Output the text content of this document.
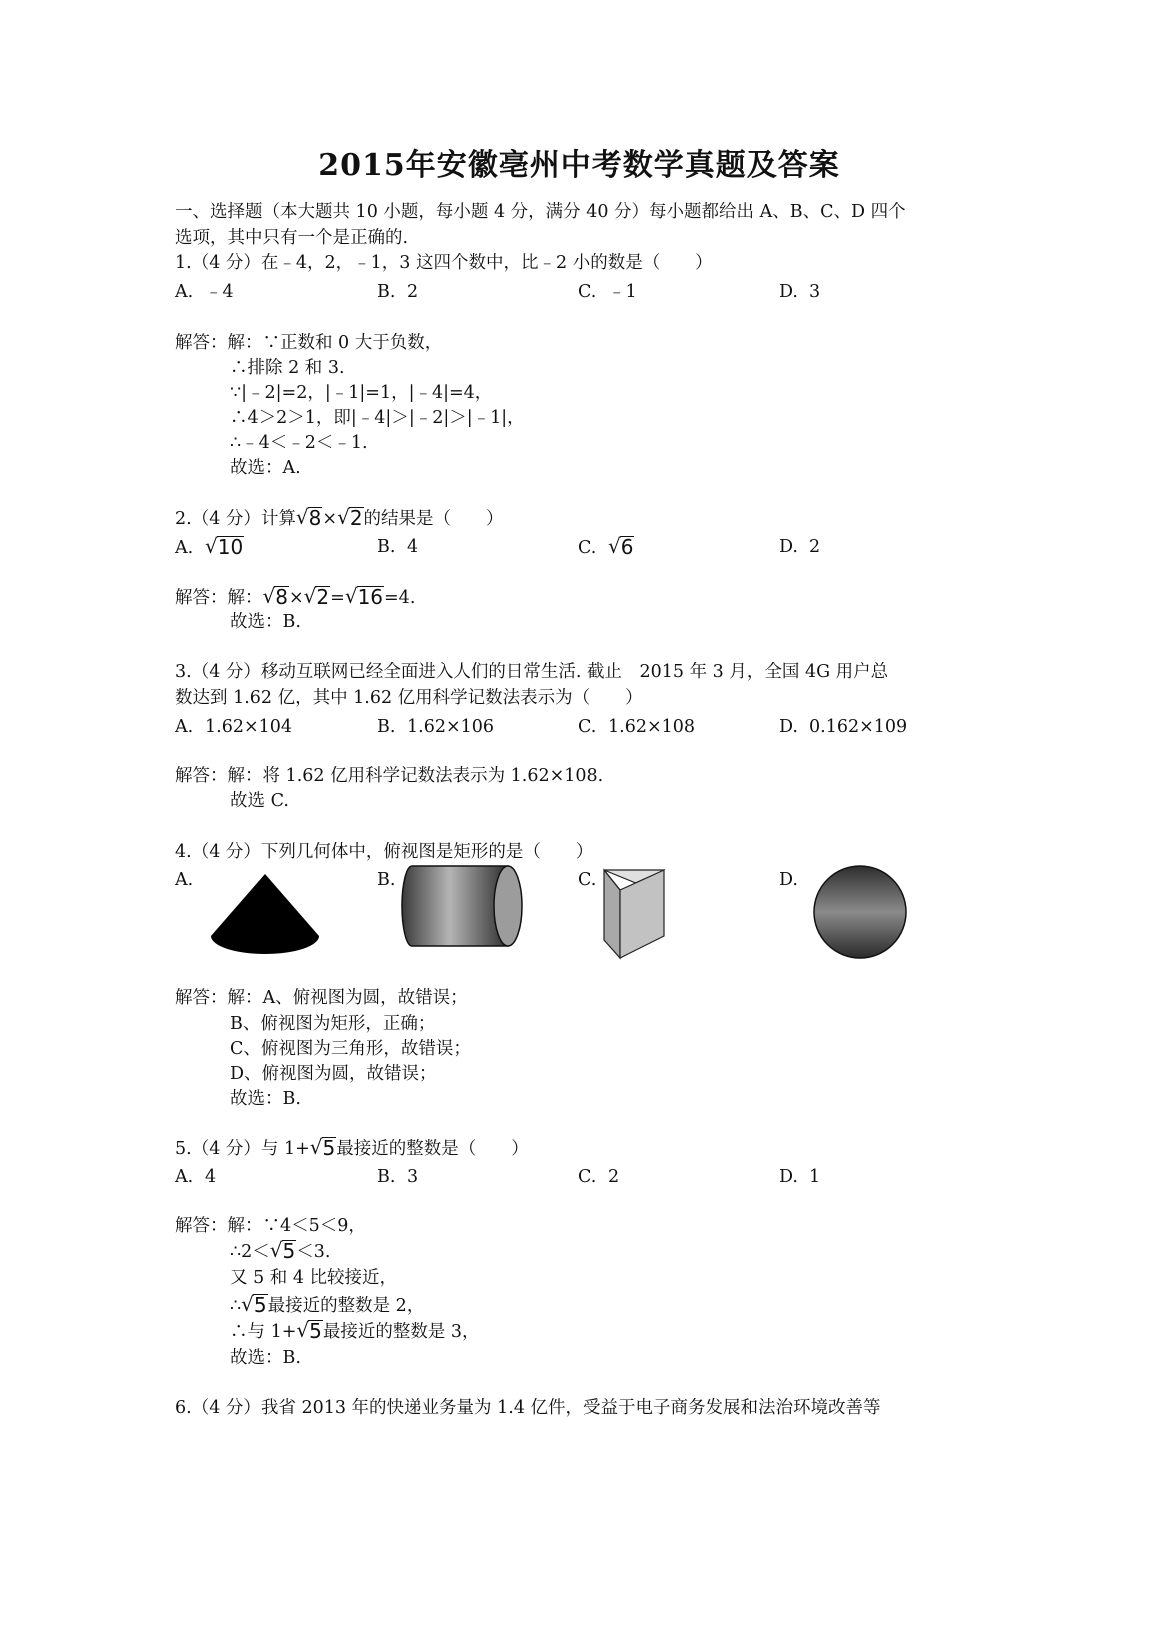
2015年安徽亳州中考数学真题及答案
一、选择题（本大题共 10 小题，每小题 4 分，满分 40 分）每小题都给出 A、B、C、D 四个
选项，其中只有一个是正确的.
1.（4 分）在﹣4，2，﹣1，3 这四个数中，比﹣2 小的数是（　　）
A. ﹣4	B. 2	C. ﹣1	D. 3
解答：解：∵正数和 0 大于负数，
∴排除 2 和 3.
∵|﹣2|=2，|﹣1|=1，|﹣4|=4，
∴4＞2＞1，即|﹣4|＞|﹣2|＞|﹣1|，
∴﹣4＜﹣2＜﹣1.
故选：A.
2.（4 分）计算 √ 8 × √ 2 的结果是（　　）
A. √ 10	B. 4	C. √ 6	D. 2
解答：解： √ 8 × √ 2 = √ 16 =4.
故选：B.
3.（4 分）移动互联网已经全面进入人们的日常生活. 截止　2015 年 3 月，全国 4G 用户总
数达到 1.62 亿，其中 1.62 亿用科学记数法表示为（　　）
A. 1.62×104	B. 1.62×106	C. 1.62×108	D. 0.162×109
解答：解：将 1.62 亿用科学记数法表示为 1.62×108.
故选 C.
4.（4 分）下列几何体中，俯视图是矩形的是（　　）
A.	B.	C.	D.
解答：解：A、俯视图为圆，故错误；
B、俯视图为矩形，正确；
C、俯视图为三角形，故错误；
D、俯视图为圆，故错误；
故选：B.
5.（4 分）与 1+ √ 5 最接近的整数是（　　）
A. 4	B. 3	C. 2	D. 1
解答：解：∵4＜5＜9，
∴2＜ √ 5 ＜3.
又 5 和 4 比较接近，
∴ √ 5 最接近的整数是 2，
∴与 1+ √ 5 最接近的整数是 3，
故选：B.
6.（4 分）我省 2013 年的快递业务量为 1.4 亿件，受益于电子商务发展和法治环境改善等
